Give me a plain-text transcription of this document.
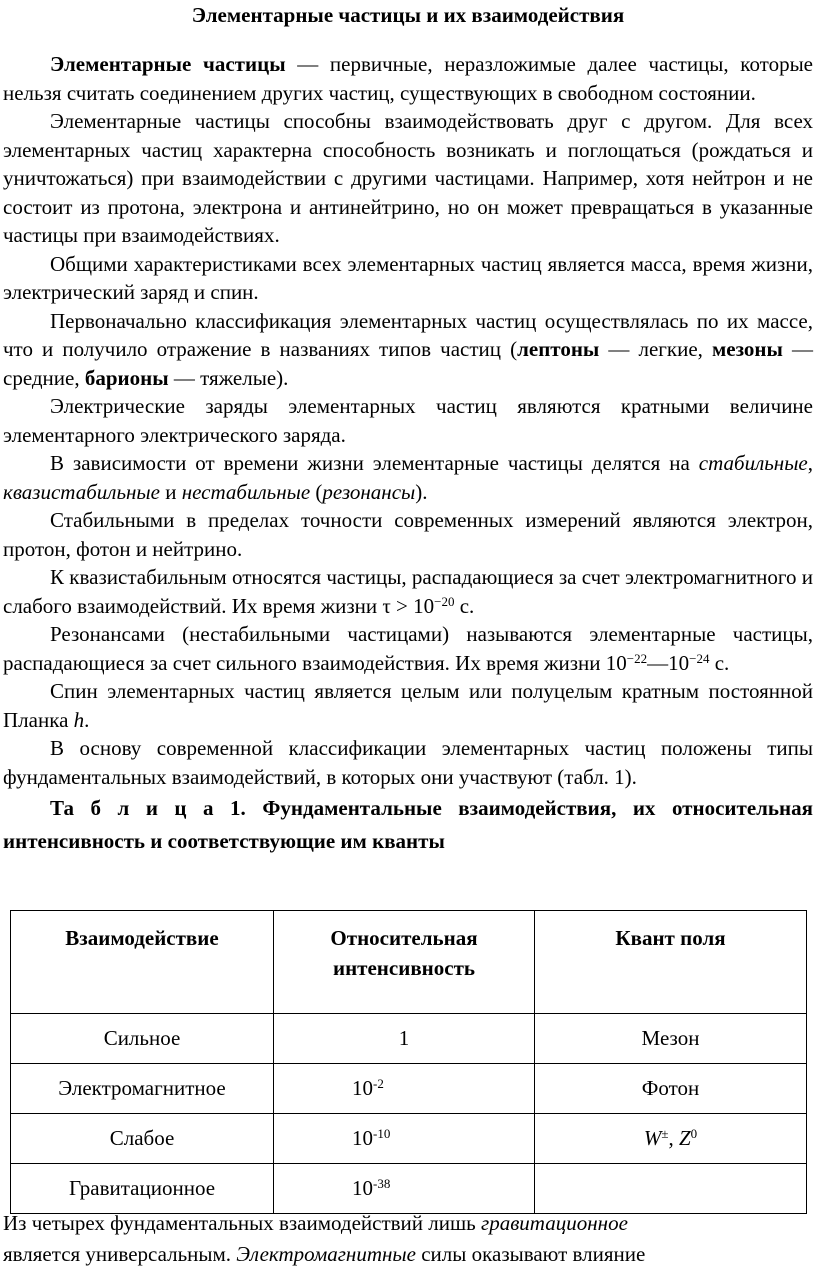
Элементарные частицы и их взаимодействия

Элементарные частицы — первичные, неразложимые далее частицы, которые нельзя считать соединением других частиц, существующих в свободном состоянии.

Элементарные частицы способны взаимодействовать друг с другом. Для всех элементарных частиц характерна способность возникать и поглощаться (рождаться и уничтожаться) при взаимодействии с другими частицами. Например, хотя нейтрон и не состоит из протона, электрона и антинейтрино, но он может превращаться в указанные частицы при взаимодействиях.

Общими характеристиками всех элементарных частиц является масса, время жизни, электрический заряд и спин.

Первоначально классификация элементарных частиц осуществлялась по их массе, что и получило отражение в названиях типов частиц (лептоны — легкие, мезоны — средние, барионы — тяжелые).

Электрические заряды элементарных частиц являются кратными величине элементарного электрического заряда.

В зависимости от времени жизни элементарные частицы делятся на стабильные, квазистабильные и нестабильные (резонансы).

Стабильными в пределах точности современных измерений являются электрон, протон, фотон и нейтрино.

К квазистабильным относятся частицы, распадающиеся за счет электромагнитного и слабого взаимодействий. Их время жизни $\tau > 10^{-20}$ с.

Резонансами (нестабильными частицами) называются элементарные частицы, распадающиеся за счет сильного взаимодействия. Их время жизни $10^{-22}—10^{-24}$ с.

Спин элементарных частиц является целым или полуцелым кратным постоянной Планка h.

В основу современной классификации элементарных частиц положены типы фундаментальных взаимодействий, в которых они участвуют (табл. 1).

Та б л и ц а 1. Фундаментальные взаимодействия, их относительная интенсивность и соответствующие им кванты

Взаимодействие	Относительная интенсивность	Квант поля
Сильное	1	Мезон
Электромагнитное	$10^{-2}$	Фотон
Слабое	$10^{-10}$	W±, $Z^0$
Гравитационное	$10^{-38}$	

Из четырех фундаментальных взаимодействий лишь гравитационное
является универсальным. Электромагнитные силы оказывают влияние
